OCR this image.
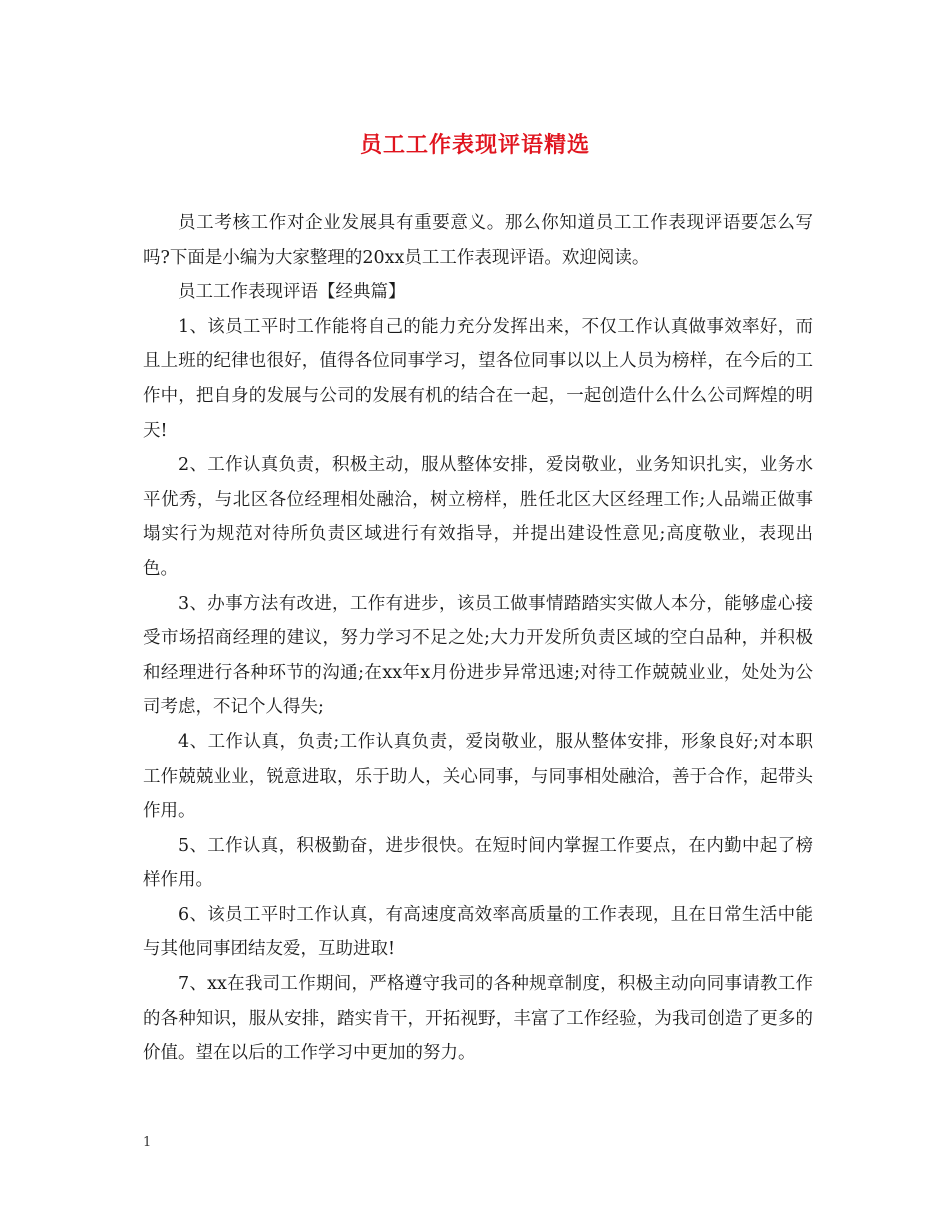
员工工作表现评语精选

员工考核工作对企业发展具有重要意义。那么你知道员工工作表现评语要怎么写吗?下面是小编为大家整理的20xx员工工作表现评语。欢迎阅读。

员工工作表现评语【经典篇】

1、该员工平时工作能将自己的能力充分发挥出来，不仅工作认真做事效率好，而且上班的纪律也很好，值得各位同事学习，望各位同事以以上人员为榜样，在今后的工作中，把自身的发展与公司的发展有机的结合在一起，一起创造什么什么公司辉煌的明天!

2、工作认真负责，积极主动，服从整体安排，爱岗敬业，业务知识扎实，业务水平优秀，与北区各位经理相处融洽，树立榜样，胜任北区大区经理工作;人品端正做事塌实行为规范对待所负责区域进行有效指导，并提出建设性意见;高度敬业，表现出色。

3、办事方法有改进，工作有进步，该员工做事情踏踏实实做人本分，能够虚心接受市场招商经理的建议，努力学习不足之处;大力开发所负责区域的空白品种，并积极和经理进行各种环节的沟通;在xx年x月份进步异常迅速;对待工作兢兢业业，处处为公司考虑，不记个人得失;

4、工作认真，负责;工作认真负责，爱岗敬业，服从整体安排，形象良好;对本职工作兢兢业业，锐意进取，乐于助人，关心同事，与同事相处融洽，善于合作，起带头作用。

5、工作认真，积极勤奋，进步很快。在短时间内掌握工作要点，在内勤中起了榜样作用。

6、该员工平时工作认真，有高速度高效率高质量的工作表现，且在日常生活中能与其他同事团结友爱，互助进取!

7、xx在我司工作期间，严格遵守我司的各种规章制度，积极主动向同事请教工作的各种知识，服从安排，踏实肯干，开拓视野，丰富了工作经验，为我司创造了更多的价值。望在以后的工作学习中更加的努力。

1
